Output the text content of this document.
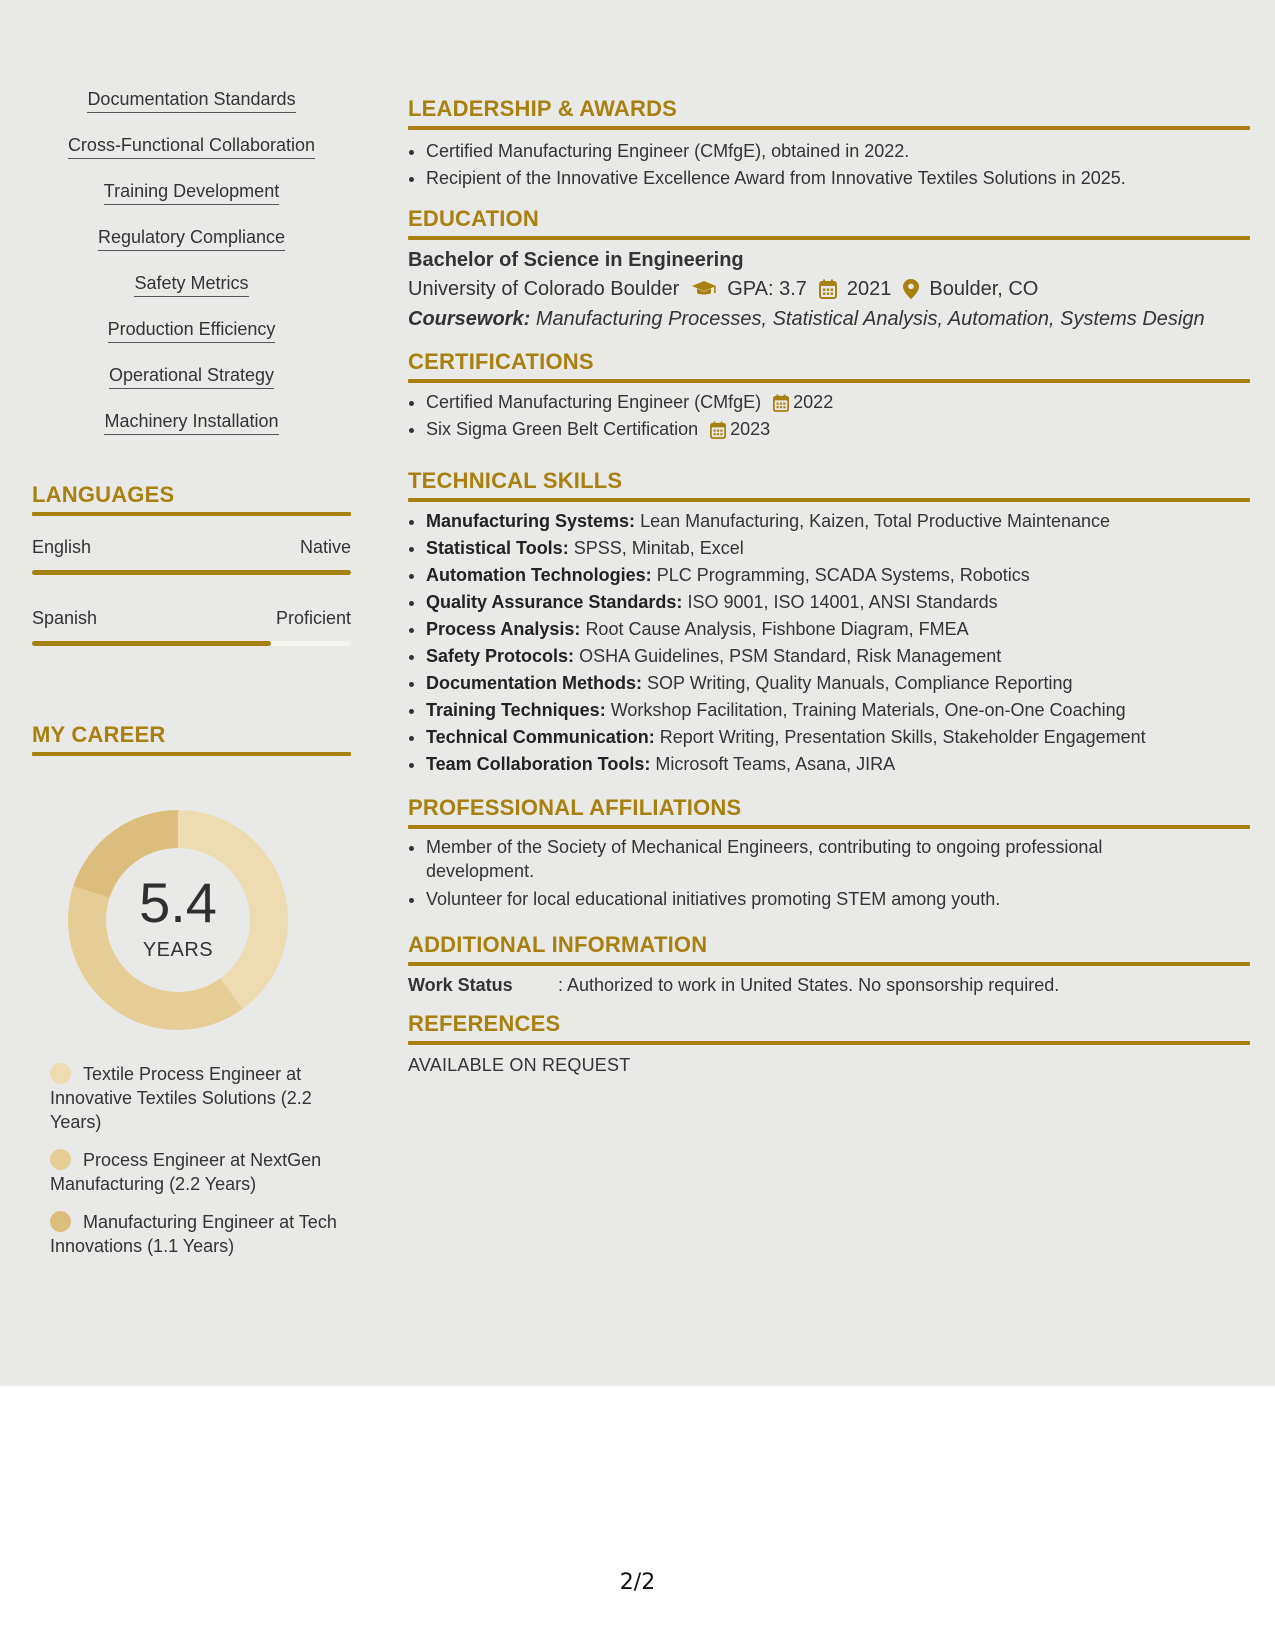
Documentation Standards
Cross-Functional Collaboration
Training Development
Regulatory Compliance
Safety Metrics
Production Efficiency
Operational Strategy
Machinery Installation
LANGUAGES
English	Native
Spanish	Proficient
MY CAREER
5.4
YEARS
Textile Process Engineer at Innovative Textiles Solutions (2.2 Years)
Process Engineer at NextGen Manufacturing (2.2 Years)
Manufacturing Engineer at Tech Innovations (1.1 Years)
LEADERSHIP & AWARDS
• Certified Manufacturing Engineer (CMfgE), obtained in 2022.
• Recipient of the Innovative Excellence Award from Innovative Textiles Solutions in 2025.
EDUCATION
Bachelor of Science in Engineering
University of Colorado Boulder GPA: 3.7 2021 Boulder, CO
Coursework: Manufacturing Processes, Statistical Analysis, Automation, Systems Design
CERTIFICATIONS
• Certified Manufacturing Engineer (CMfgE) 2022
• Six Sigma Green Belt Certification 2023
TECHNICAL SKILLS
• Manufacturing Systems: Lean Manufacturing, Kaizen, Total Productive Maintenance
• Statistical Tools: SPSS, Minitab, Excel
• Automation Technologies: PLC Programming, SCADA Systems, Robotics
• Quality Assurance Standards: ISO 9001, ISO 14001, ANSI Standards
• Process Analysis: Root Cause Analysis, Fishbone Diagram, FMEA
• Safety Protocols: OSHA Guidelines, PSM Standard, Risk Management
• Documentation Methods: SOP Writing, Quality Manuals, Compliance Reporting
• Training Techniques: Workshop Facilitation, Training Materials, One-on-One Coaching
• Technical Communication: Report Writing, Presentation Skills, Stakeholder Engagement
• Team Collaboration Tools: Microsoft Teams, Asana, JIRA
PROFESSIONAL AFFILIATIONS
• Member of the Society of Mechanical Engineers, contributing to ongoing professional development.
• Volunteer for local educational initiatives promoting STEM among youth.
ADDITIONAL INFORMATION
Work Status	: Authorized to work in United States. No sponsorship required.
REFERENCES
AVAILABLE ON REQUEST
2/2
